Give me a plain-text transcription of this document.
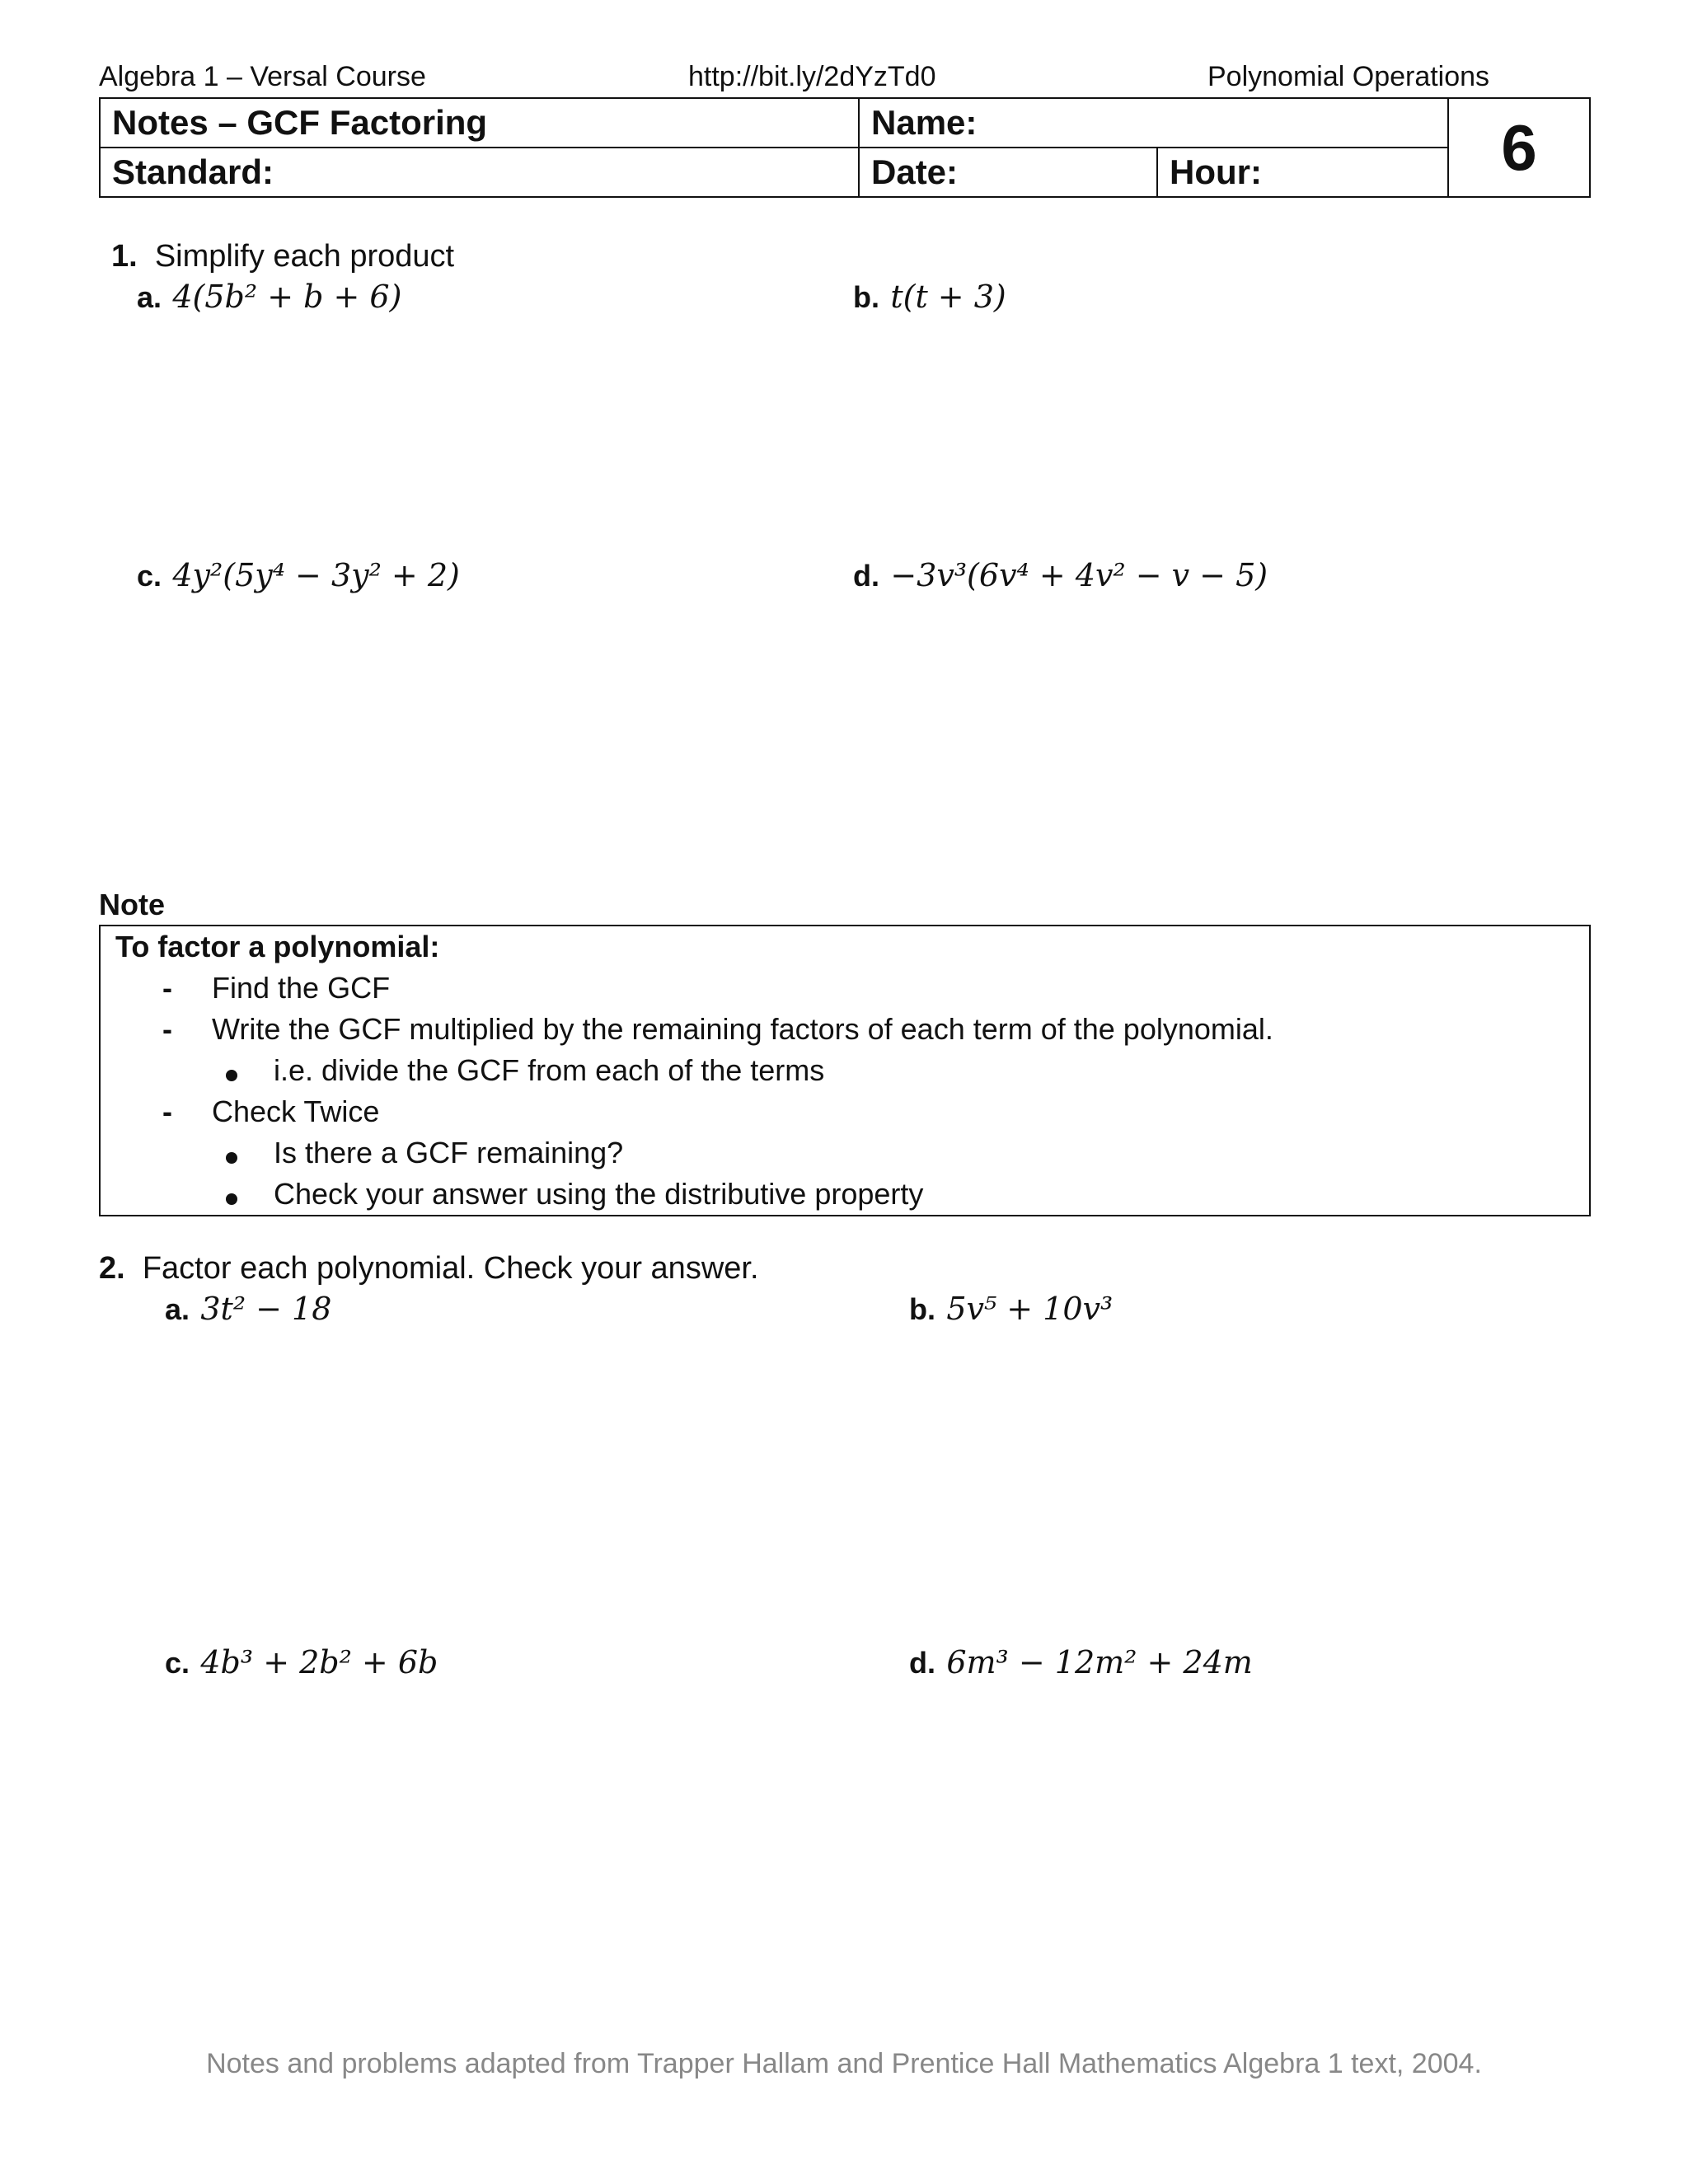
Algebra 1 – Versal Course	http://bit.ly/2dYzTd0	Polynomial Operations
Notes – GCF Factoring	Name:		6
Standard:	Date:	Hour:	
1. Simplify each product
a. 4(5b² + b + 6)	b. t(t + 3)
c. 4y²(5y⁴ − 3y² + 2)	d. −3v³(6v⁴ + 4v² − v − 5)
Note
To factor a polynomial:
- Find the GCF
- Write the GCF multiplied by the remaining factors of each term of the polynomial.
i.e. divide the GCF from each of the terms
- Check Twice
Is there a GCF remaining?
Check your answer using the distributive property
2. Factor each polynomial. Check your answer.
a. 3t² − 18	b. 5v⁵ + 10v³
c. 4b³ + 2b² + 6b	d. 6m³ − 12m² + 24m
Notes and problems adapted from Trapper Hallam and Prentice Hall Mathematics Algebra 1 text, 2004.
